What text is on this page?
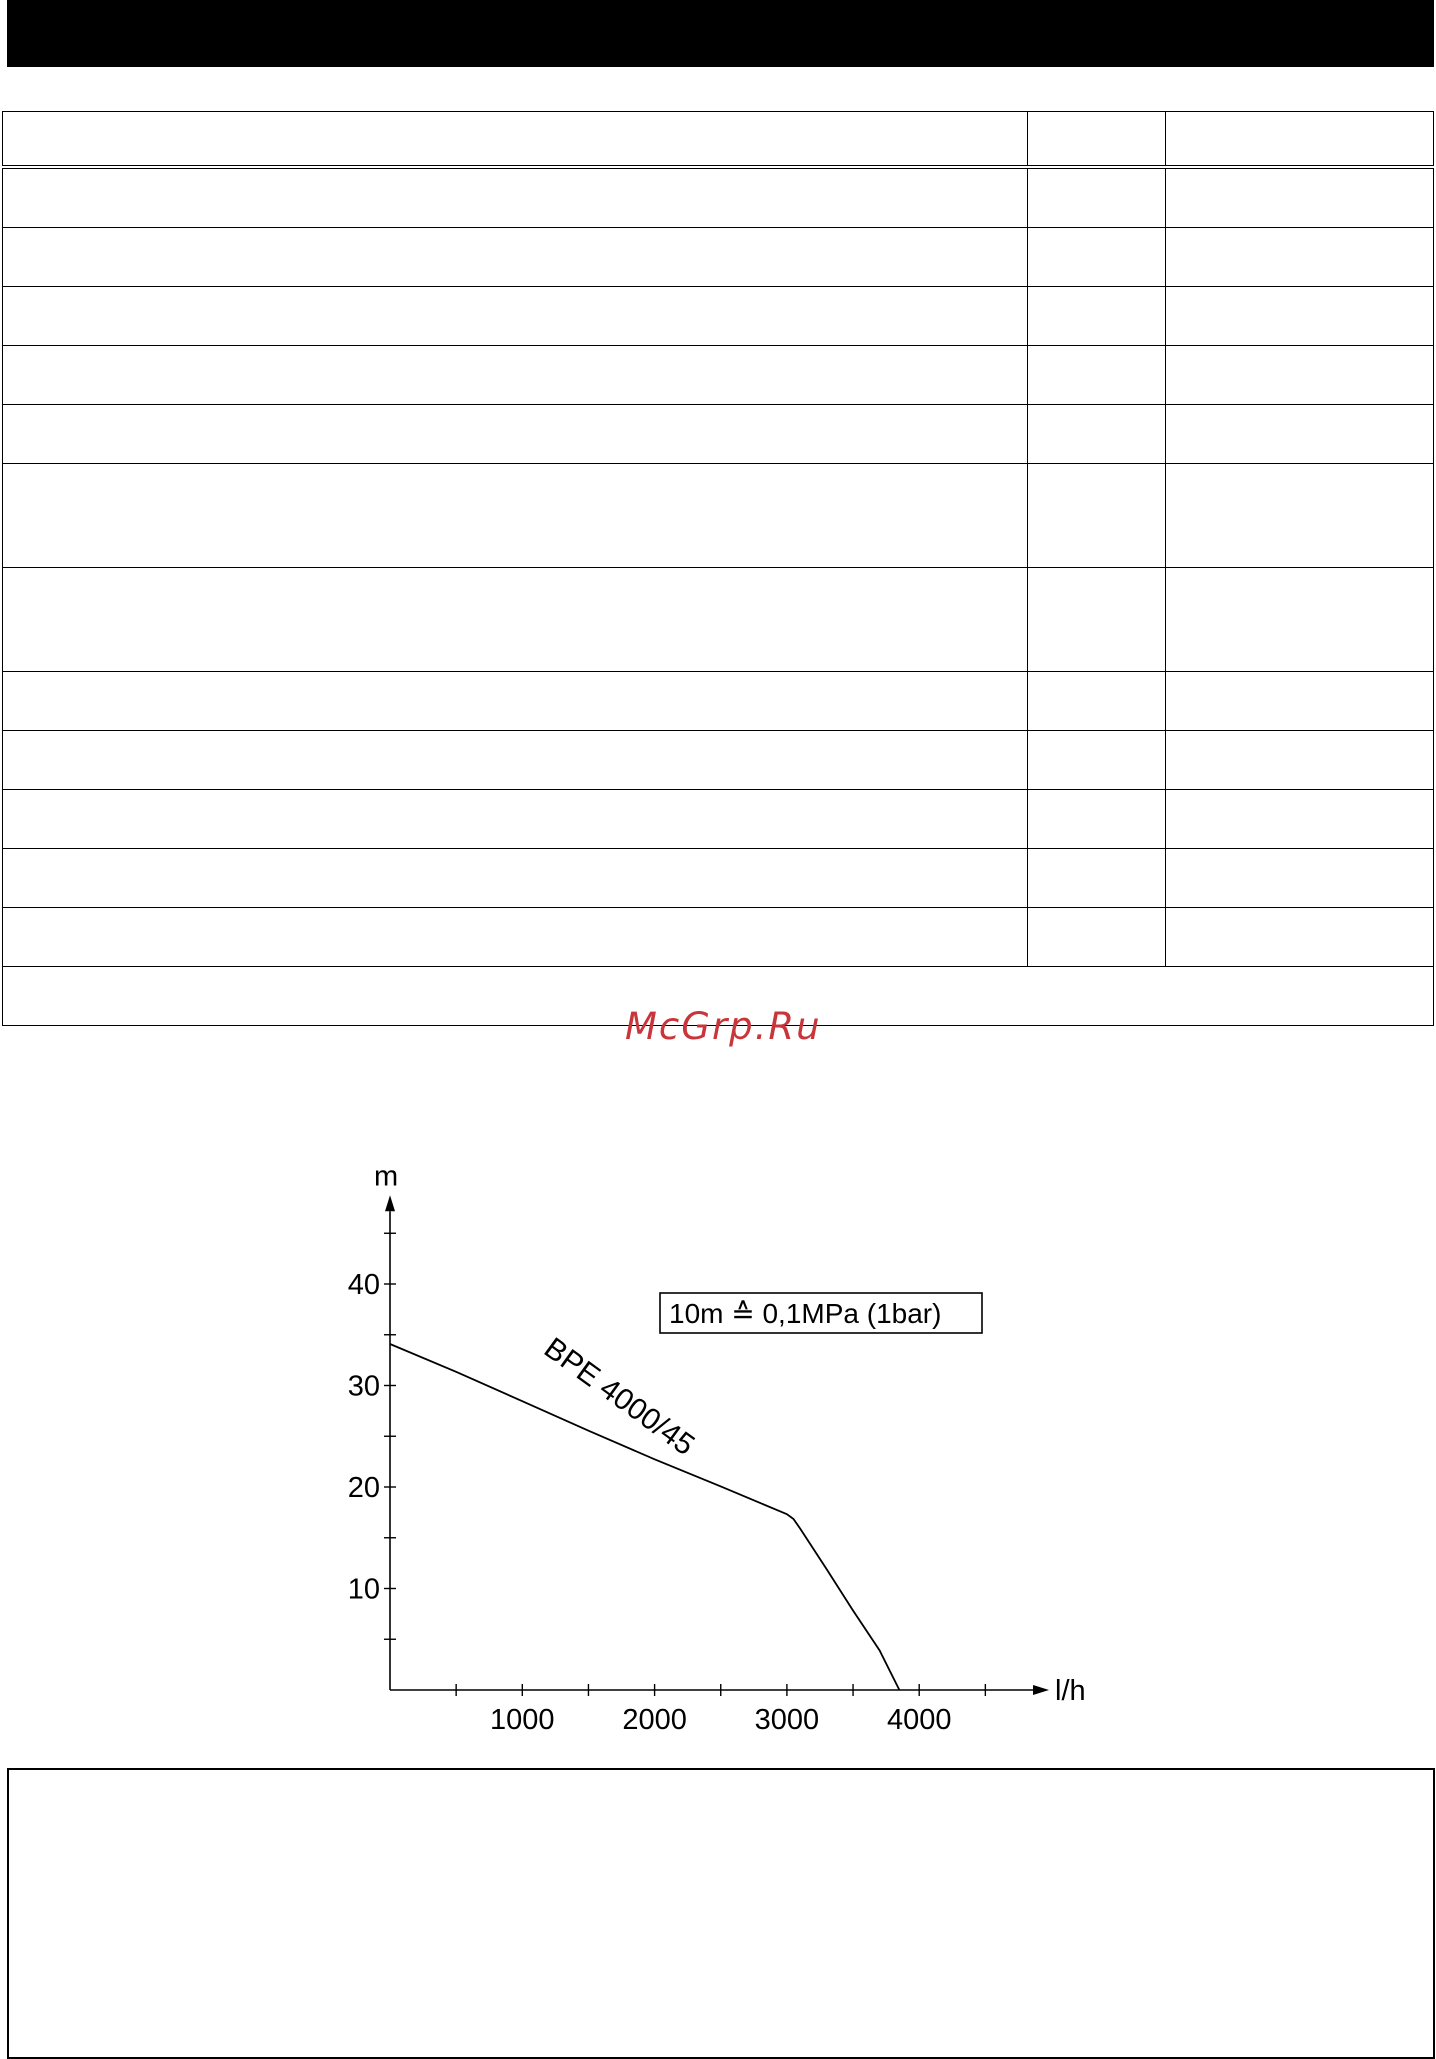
McGrp.Ru
l/h
m
1000 2000 3000 4000
10
20
30
40
BPE 4000/45
10m ≙ 0,1MPa (1bar)
